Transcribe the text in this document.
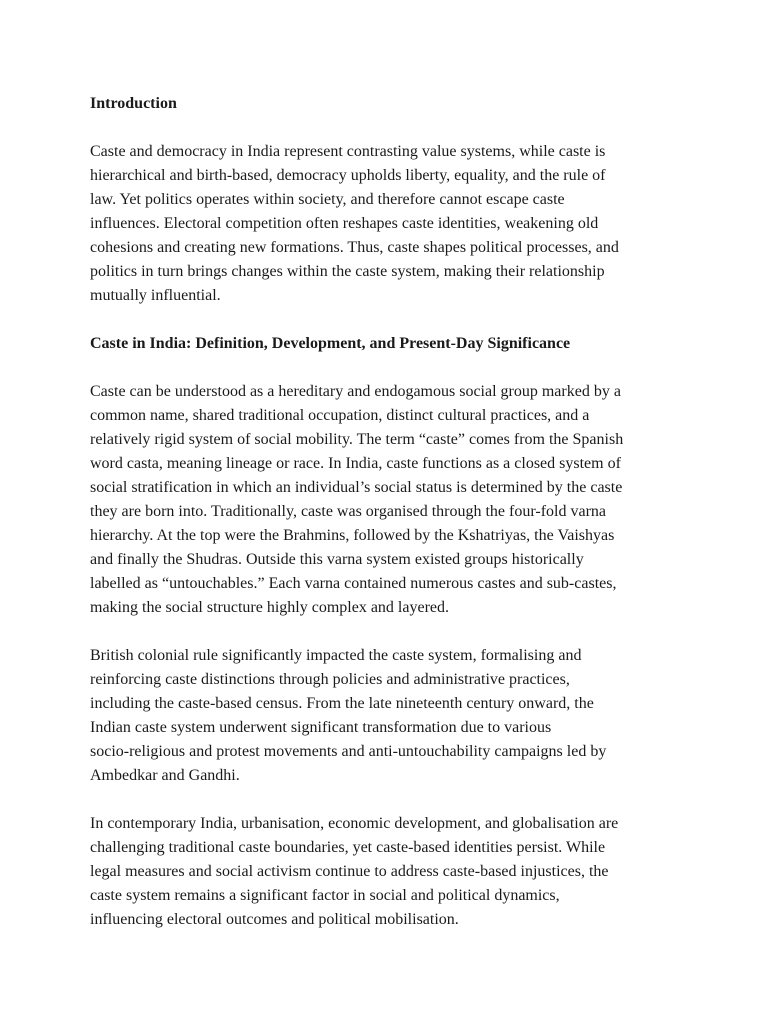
Introduction
Caste and democracy in India represent contrasting value systems, while caste is
hierarchical and birth-based, democracy upholds liberty, equality, and the rule of
law. Yet politics operates within society, and therefore cannot escape caste
influences. Electoral competition often reshapes caste identities, weakening old
cohesions and creating new formations. Thus, caste shapes political processes, and
politics in turn brings changes within the caste system, making their relationship
mutually influential.
Caste in India: Definition, Development, and Present-Day Significance
Caste can be understood as a hereditary and endogamous social group marked by a
common name, shared traditional occupation, distinct cultural practices, and a
relatively rigid system of social mobility. The term “caste” comes from the Spanish
word casta, meaning lineage or race. In India, caste functions as a closed system of
social stratification in which an individual’s social status is determined by the caste
they are born into. Traditionally, caste was organised through the four-fold varna
hierarchy. At the top were the Brahmins, followed by the Kshatriyas, the Vaishyas
and finally the Shudras. Outside this varna system existed groups historically
labelled as “untouchables.” Each varna contained numerous castes and sub-castes,
making the social structure highly complex and layered.
British colonial rule significantly impacted the caste system, formalising and
reinforcing caste distinctions through policies and administrative practices,
including the caste-based census. From the late nineteenth century onward, the
Indian caste system underwent significant transformation due to various
socio-religious and protest movements and anti-untouchability campaigns led by
Ambedkar and Gandhi.
In contemporary India, urbanisation, economic development, and globalisation are
challenging traditional caste boundaries, yet caste-based identities persist. While
legal measures and social activism continue to address caste-based injustices, the
caste system remains a significant factor in social and political dynamics,
influencing electoral outcomes and political mobilisation.
